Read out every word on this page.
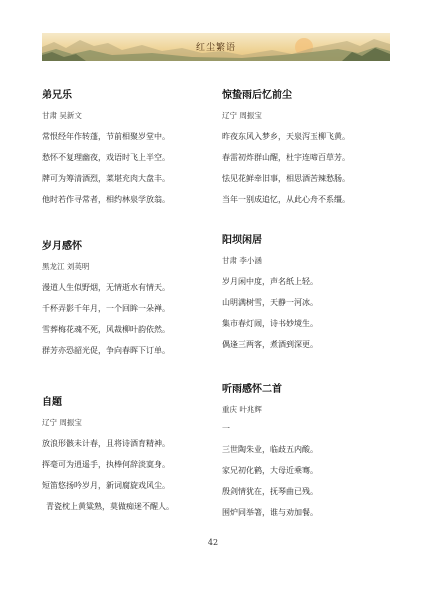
红尘繁语
弟兄乐
甘肃 吴新文
常恨经年作转蓬，节前相聚岁堂中。
愁怀不复理幽夜，戏语时飞上半空。
牌可为筹清酒烈，菜堪充肉大盘丰。
他时若作寻常者，相约林泉学放翁。
岁月感怀
黑龙江 刘英明
漫道人生似野烟，无情逝水有情天。
千杯弄影千年月，一个回眸一朵禅。
雪葬梅花魂不死，风裁柳叶韵依然。
群芳亦恐韶光促，争向春晖下订单。
自题
辽宁 周振宝
放浪形骸未计春，且将诗酒育精神。
挥毫可为逍遥手，执棒何辞淡寞身。
短笛悠扬吟岁月，新词腐旋戏风尘。
青瓷枕上黄粱熟，莫做痴迷不醒人。
惊蛰雨后忆前尘
辽宁 周振宝
昨夜东风入梦乡，天泉泻玉柳飞黄。
春雷初炸群山醒，杜宇连啼百草芳。
怯见花鲜牵旧事，相思酒苦辣愁肠。
当年一别成追忆，从此心舟不系缰。
阳坝闲居
甘肃 李小涵
岁月闲中度，声名纸上轻。
山明满树雪，天静一河冰。
集市春灯闹，诗书妙境生。
偶逢三两客，煮酒到深更。
听雨感怀二首
重庆 叶兆辉
一
三世陶朱业，临歧五内酸。
家兄初化鹤，大母近乘骞。
殷剑情犹在，抚琴曲已残。
围炉同举箸，谁与劝加餐。
42
